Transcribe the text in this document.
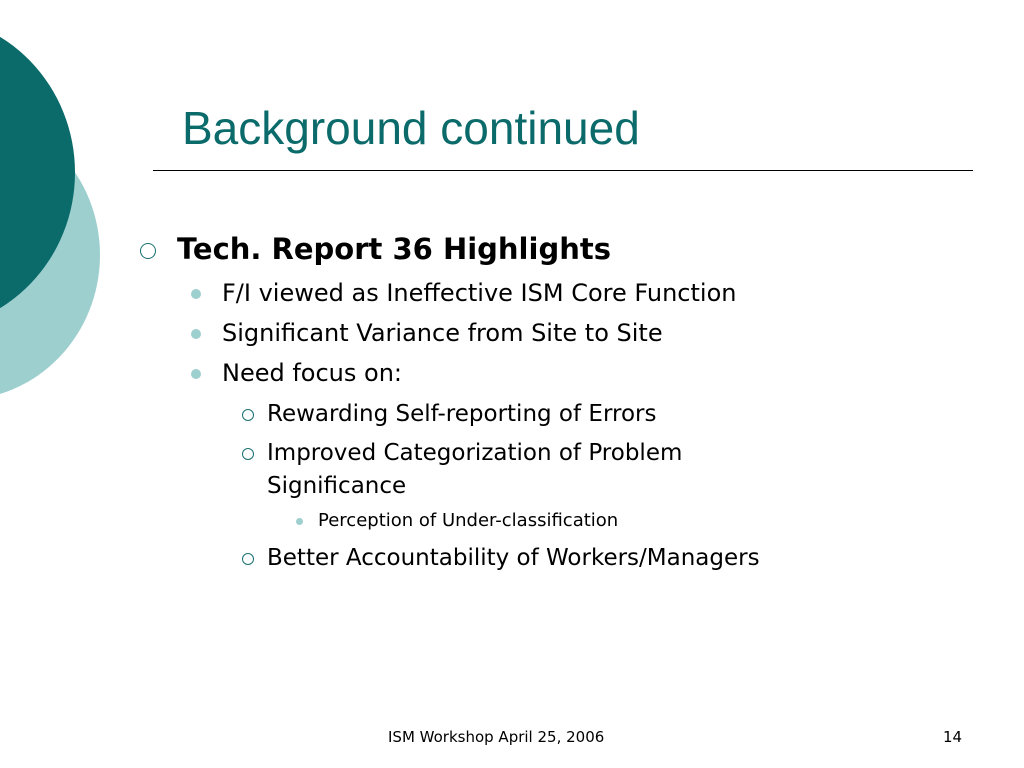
Background continued
Tech. Report 36 Highlights
F/I viewed as Ineffective ISM Core Function
Significant Variance from Site to Site
Need focus on:
Rewarding Self-reporting of Errors
Improved Categorization of Problem
Significance
Perception of Under-classification
Better Accountability of Workers/Managers
ISM Workshop April 25, 2006	14
